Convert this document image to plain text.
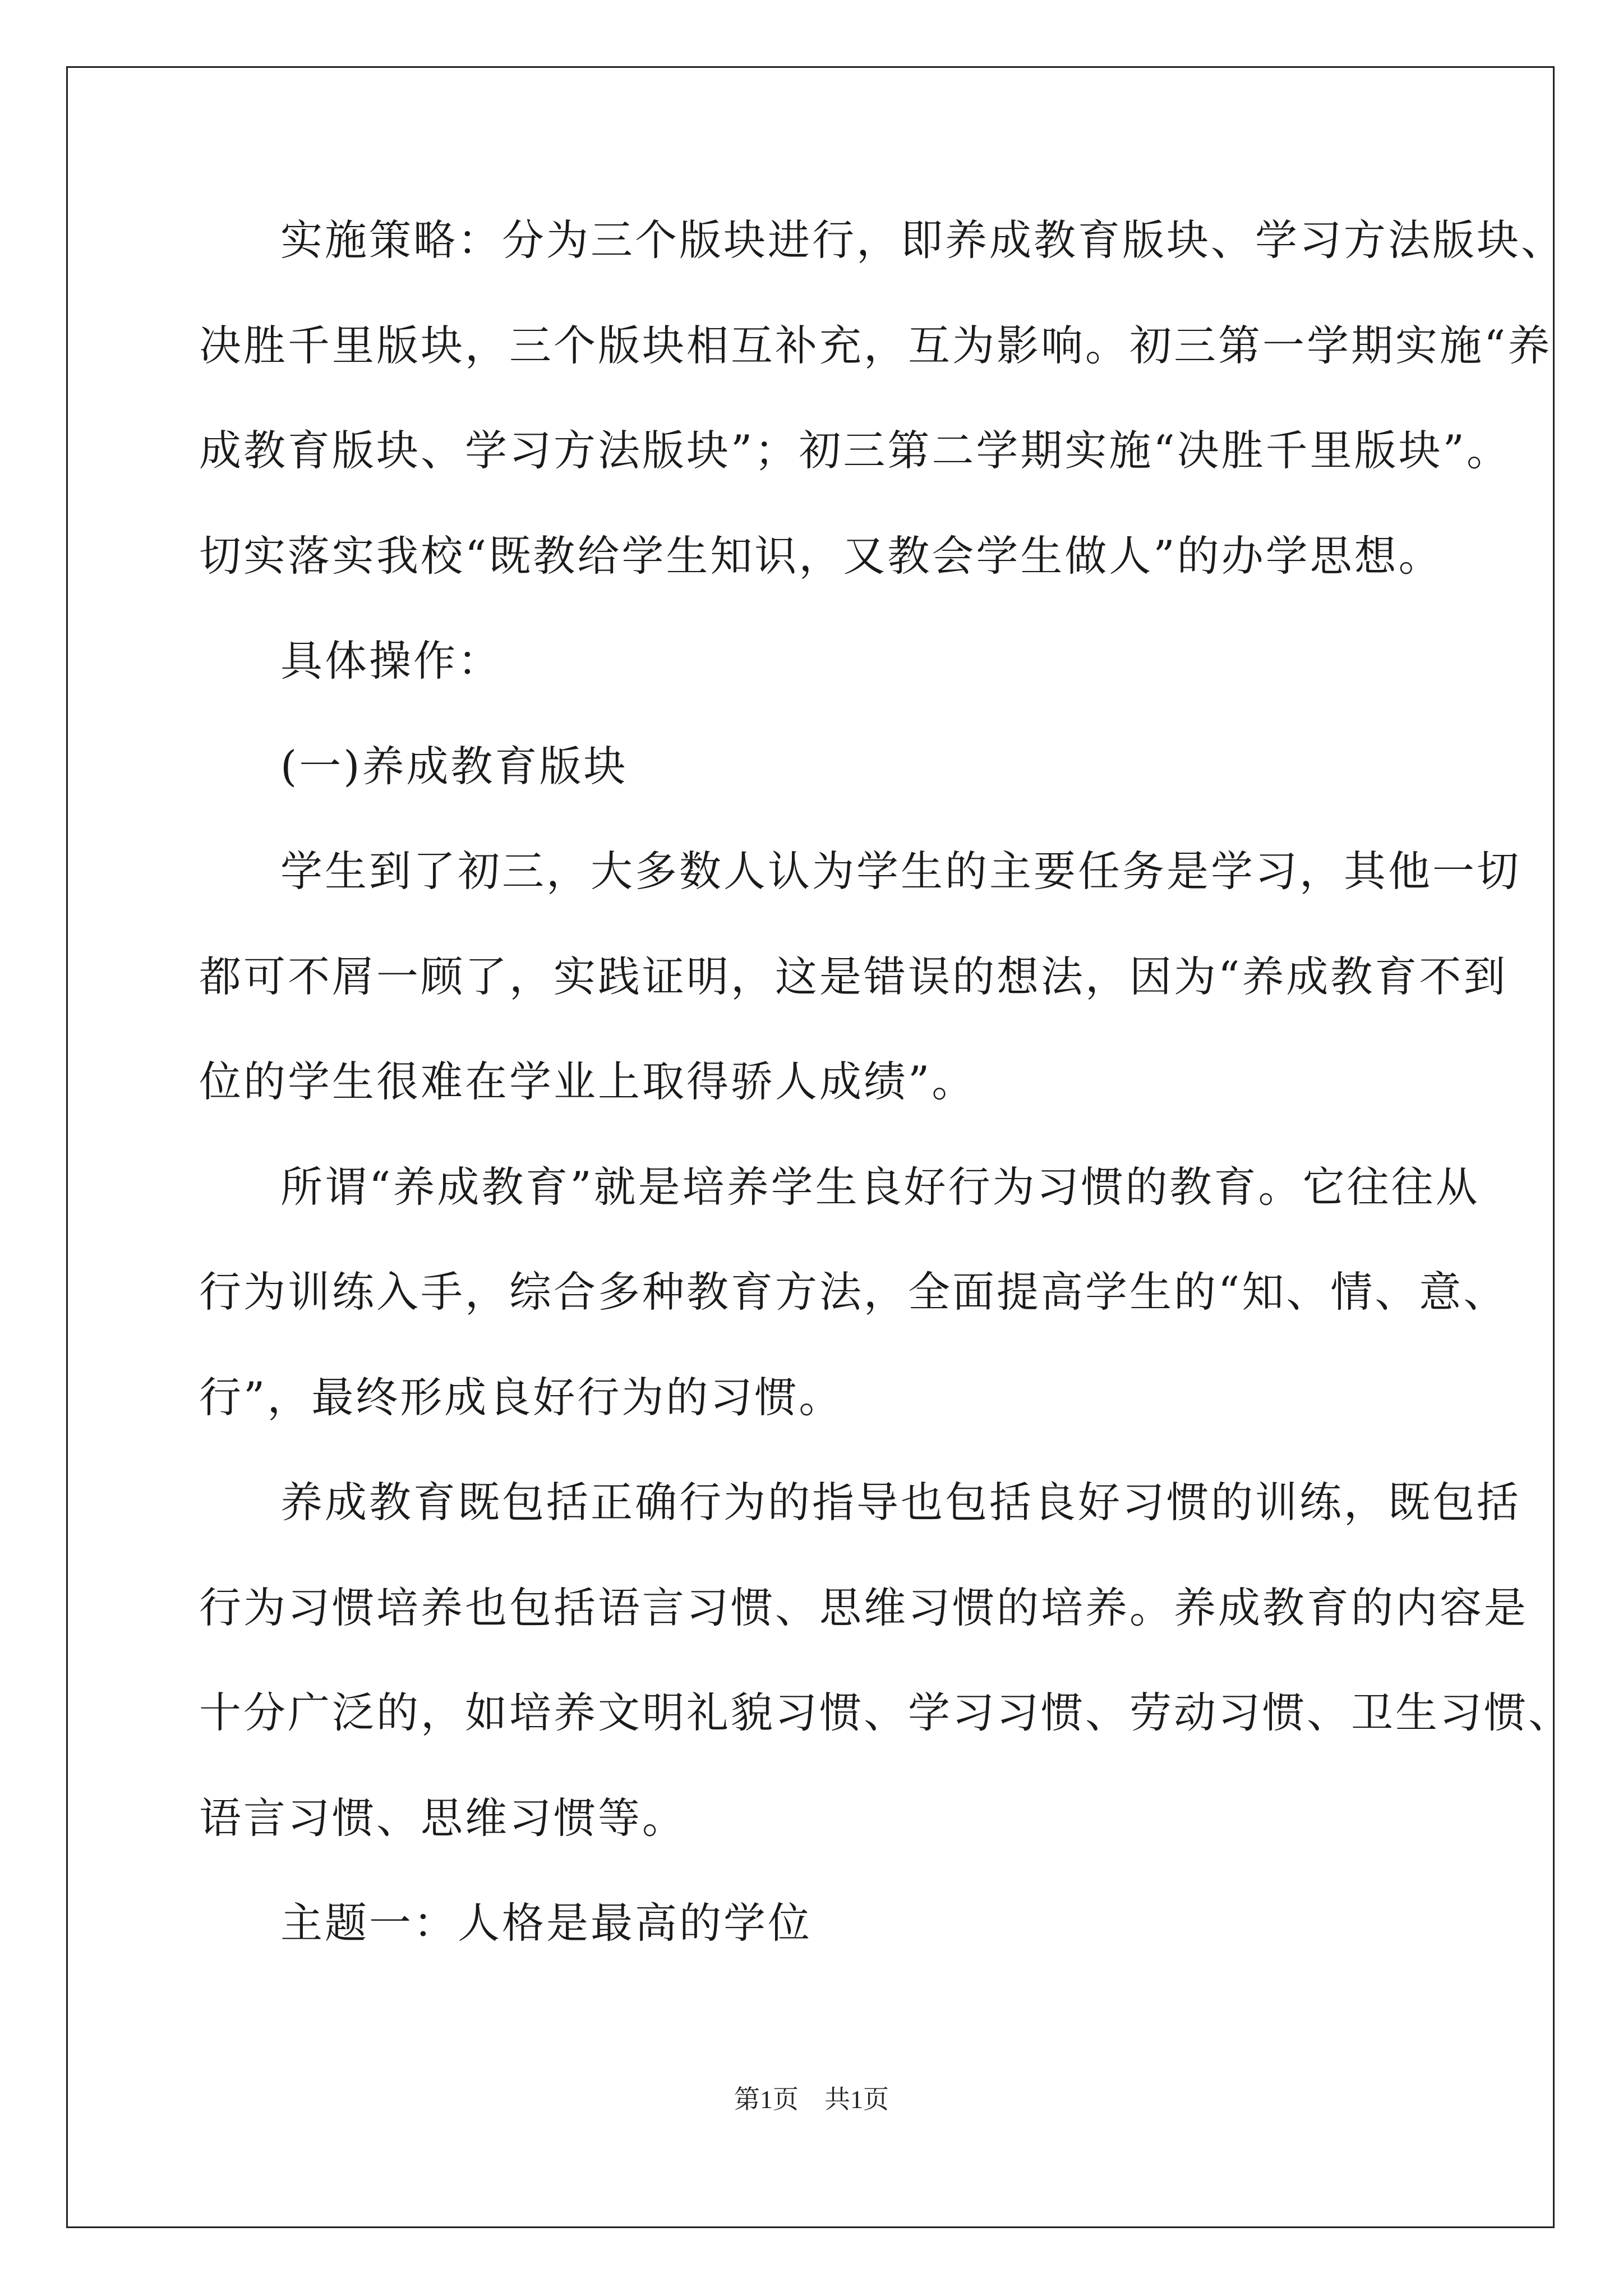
实施策略：分为三个版块进行，即养成教育版块、学习方法版块、
决胜千里版块，三个版块相互补充，互为影响。初三第一学期实施“养
成教育版块、学习方法版块”；初三第二学期实施“决胜千里版块”。
切实落实我校“既教给学生知识，又教会学生做人”的办学思想。
具体操作：
(一)养成教育版块
学生到了初三，大多数人认为学生的主要任务是学习，其他一切
都可不屑一顾了，实践证明，这是错误的想法，因为“养成教育不到
位的学生很难在学业上取得骄人成绩”。
所谓“养成教育”就是培养学生良好行为习惯的教育。它往往从
行为训练入手，综合多种教育方法，全面提高学生的“知、情、意、
行”，最终形成良好行为的习惯。
养成教育既包括正确行为的指导也包括良好习惯的训练，既包括
行为习惯培养也包括语言习惯、思维习惯的培养。养成教育的内容是
十分广泛的，如培养文明礼貌习惯、学习习惯、劳动习惯、卫生习惯、
语言习惯、思维习惯等。
主题一：人格是最高的学位
第1页　共1页
